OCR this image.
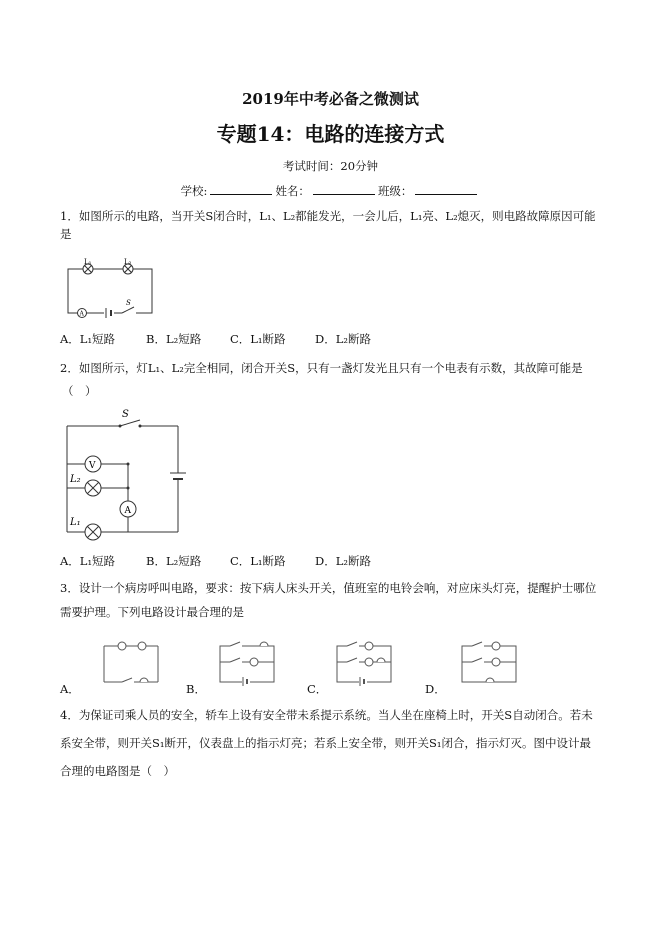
2019年中考必备之微测试
专题14：电路的连接方式
考试时间：20分钟
学校:	姓名：	班级：
1．如图所示的电路，当开关S闭合时，L₁、L₂都能发光，一会儿后，L₁亮、L₂熄灭，则电路故障原因可能
是
L₁	L₂
A
S
A．L₁短路	B．L₂短路	C．L₁断路	D．L₂断路
2．如图所示，灯L₁、L₂完全相同，闭合开关S，只有一盏灯发光且只有一个电表有示数，其故障可能是
（　）
S
V
L₂
A
L₁
A．L₁短路	B．L₂短路	C．L₁断路	D．L₂断路
3．设计一个病房呼叫电路，要求：按下病人床头开关，值班室的电铃会响，对应床头灯亮，提醒护士哪位
需要护理。下列电路设计最合理的是
A．	B．	C．	D．
4．为保证司乘人员的安全，轿车上设有安全带未系提示系统。当人坐在座椅上时，开关S自动闭合。若未
系安全带，则开关S₁断开，仪表盘上的指示灯亮；若系上安全带，则开关S₁闭合，指示灯灭。图中设计最
合理的电路图是（　）
